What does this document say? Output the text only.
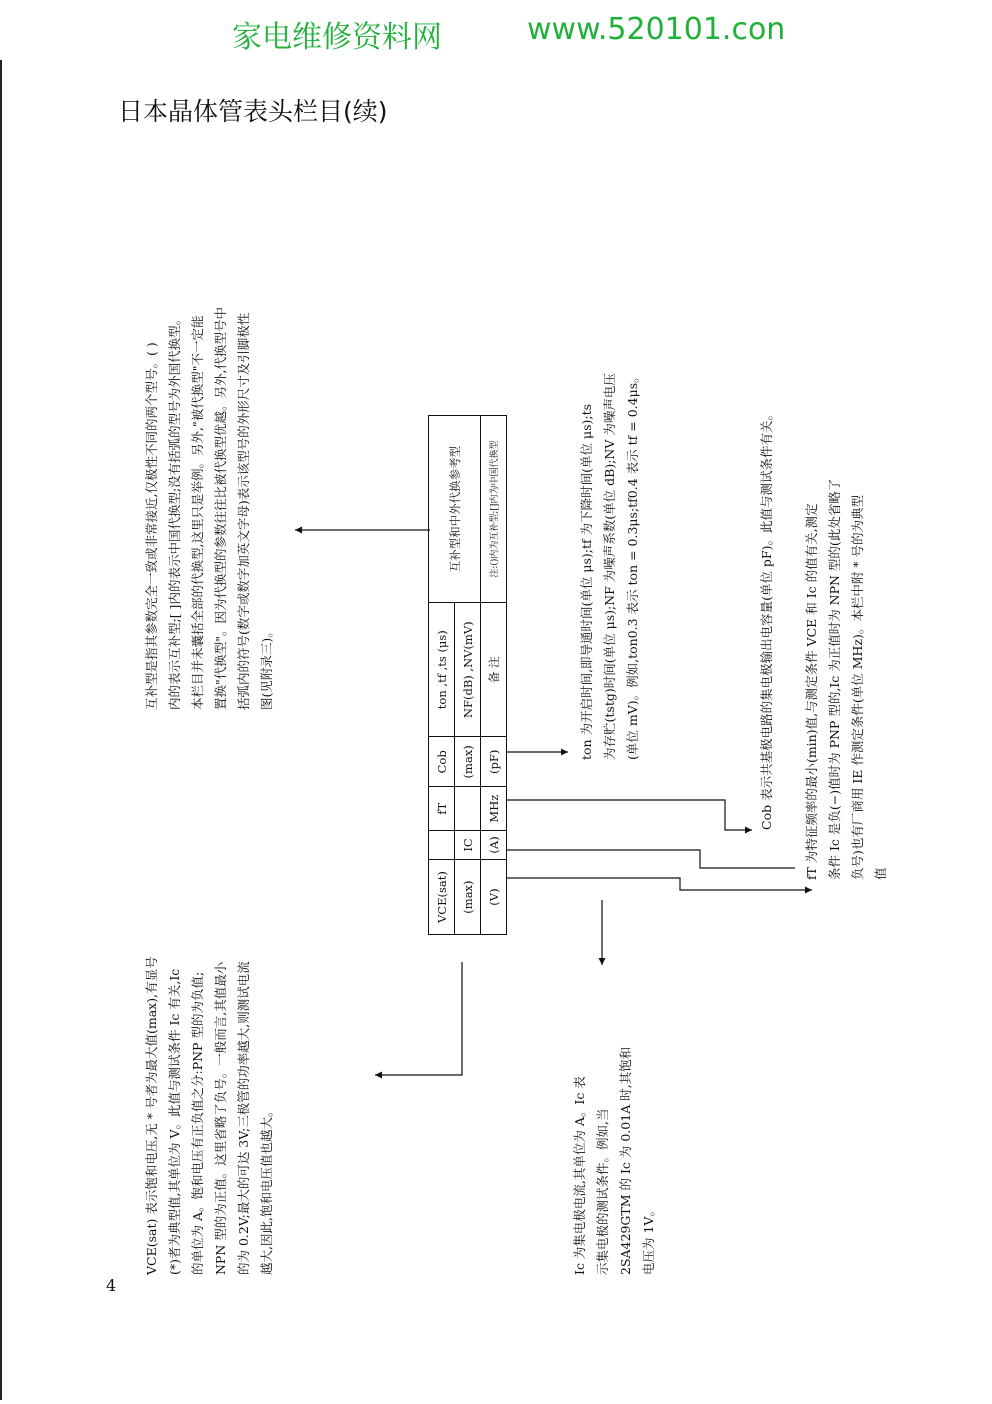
家电维修资料网	www.520101.con
日本晶体管表头栏目(续)
VCE(sat)		fT	Cob	ton ,tf ,ts (μs)	互补型和中外代换参考型
(max)	IC		(max)	NF(dB) ,NV(mV)	
(V)	(A)	MHz	(pF)	备 注	注:()内为互补型;[]内为中国代换型

互补型是指其参数完全一致或非常接近,仅极性不同的两个型号。( ) 内的表示互补型;[ ]内的表示中国代换型;没有括弧的型号为外国代换型。 本栏目并未囊括全部的代换型,这里只是举例。另外,"被代换型"不一定能 置换"代换型"。因为代换型的参数往往比被代换型优越。另外,代换型号中 括弧内的符号(数字或数字加英文字母)表示该型号的外形尺寸及引脚极性 图(见附录三)。	ton 为开启时间,即导通时间(单位 μs);tf 为下降时间(单位 μs);ts 为存贮(tstg)时间(单位 μs);NF 为噪声系数(单位 dB);NV 为噪声电压 (单位 mV)。例如,ton0.3 表示 ton = 0.3μs;tf0.4 表示 tf = 0.4μs。	Cob 表示共基极电路的集电极输出电容量(单位 pF)。此值与测试条件有关。	fT 为特征频率的最小(min)值,与测定条件 VCE 和 Ic 的值有关,测定 条件 Ic 是负(−)值时为 PNP 型的,Ic 为正值时为 NPN 型的(此处省略了 负号)也有厂商用 IE 作测定条件(单位 MHz)。本栏中附 * 号的为典型 值

VCE(sat) 表示饱和电压,无 * 号者为最大值(max),有显号 (*)者为典型值,其单位为 V。此值与测试条件 Ic 有关,Ic 的单位为 A。饱和电压有正负值之分:PNP 型的为负值; NPN 型的为正值。这里省略了负号。一般而言,其值最小 的为 0.2V;最大的可达 3V;三极管的功率越大,则测试电流 越大,因此,饱和电压值也越大。	Ic 为集电极电流,其单位为 A。Ic 表 示集电极的测试条件。例如,当 2SA429GTM 的 Ic 为 0.01A 时,其饱和 电压为 1V。

4
